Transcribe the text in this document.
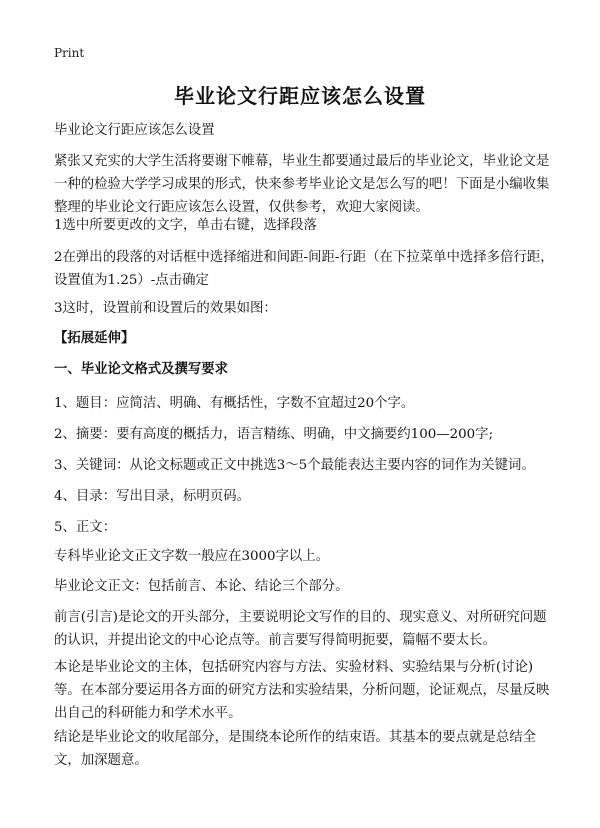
Print
毕业论文行距应该怎么设置
毕业论文行距应该怎么设置
紧张又充实的大学生活将要谢下帷幕，毕业生都要通过最后的毕业论文，毕业论文是一种的检验大学学习成果的形式，快来参考毕业论文是怎么写的吧！下面是小编收集整理的毕业论文行距应该怎么设置，仅供参考，欢迎大家阅读。
1选中所要更改的文字，单击右键，选择段落
2在弹出的段落的对话框中选择缩进和间距-间距-行距（在下拉菜单中选择多倍行距，设置值为1.25）-点击确定
3这时，设置前和设置后的效果如图：
【拓展延伸】
一、毕业论文格式及撰写要求
1、题目：应简洁、明确、有概括性，字数不宜超过20个字。
2、摘要：要有高度的概括力，语言精练、明确，中文摘要约100—200字;
3、关键词：从论文标题或正文中挑选3～5个最能表达主要内容的词作为关键词。
4、目录：写出目录，标明页码。
5、正文：
专科毕业论文正文字数一般应在3000字以上。
毕业论文正文：包括前言、本论、结论三个部分。
前言(引言)是论文的开头部分，主要说明论文写作的目的、现实意义、对所研究问题的认识，并提出论文的中心论点等。前言要写得简明扼要，篇幅不要太长。
本论是毕业论文的主体，包括研究内容与方法、实验材料、实验结果与分析(讨论)等。在本部分要运用各方面的研究方法和实验结果，分析问题，论证观点，尽量反映出自己的科研能力和学术水平。
结论是毕业论文的收尾部分，是围绕本论所作的结束语。其基本的要点就是总结全文，加深题意。
